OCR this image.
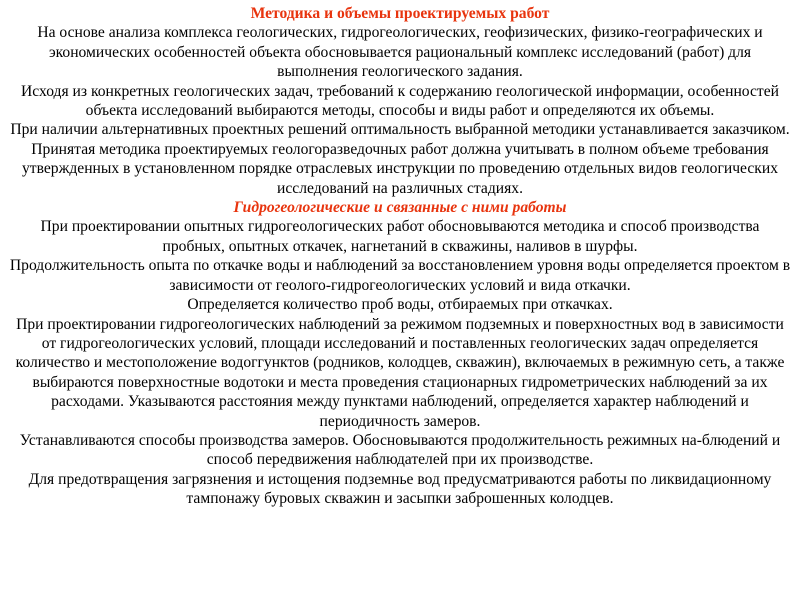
Методика и объемы проектируемых работ

На основе анализа комплекса геологических, гидрогеологических, геофизических, физико-географических и экономических особенностей объекта обосновывается рациональный комплекс исследований (работ) для выполнения геологического задания.

Исходя из конкретных геологических задач, требований к содержанию геологической информации, особенностей объекта исследований выбираются методы, способы и виды работ и определяются их объемы.

При наличии альтернативных проектных решений оптимальность выбранной методики устанавливается заказчиком.

Принятая методика проектируемых геологоразведочных работ должна учитывать в полном объеме требования утвержденных в установленном порядке отраслевых инструкции по проведению отдельных видов геологических исследований на различных стадиях.

Гидрогеологические и связанные с ними работы

При проектировании опытных гидрогеологических работ обосновываются методика и способ производства пробных, опытных откачек, нагнетаний в скважины, наливов в шурфы.

Продолжительность опыта по откачке воды и наблюдений за восстановлением уровня воды определяется проектом в зависимости от геолого-гидрогеологических условий и вида откачки.

Определяется количество проб воды, отбираемых при откачках.

При проектировании гидрогеологических наблюдений за режимом подземных и поверхностных вод в зависимости от гидрогеологических условий, площади исследований и поставленных геологических задач определяется количество и местоположение водоггунктов (родников, колодцев, скважин), включаемых в режимную сеть, а также выбираются поверхностные водотоки и места проведения стационарных гидрометрических наблюдений за их расходами. Указываются расстояния между пунктами наблюдений, определяется характер наблюдений и периодичность замеров.

Устанавливаются способы производства замеров. Обосновываются продолжительность режимных на-блюдений и способ передвижения наблюдателей при их производстве.

Для предотвращения загрязнения и истощения подземнье вод предусматриваются работы по ликвидационному тампонажу буровых скважин и засыпки заброшенных колодцев.
